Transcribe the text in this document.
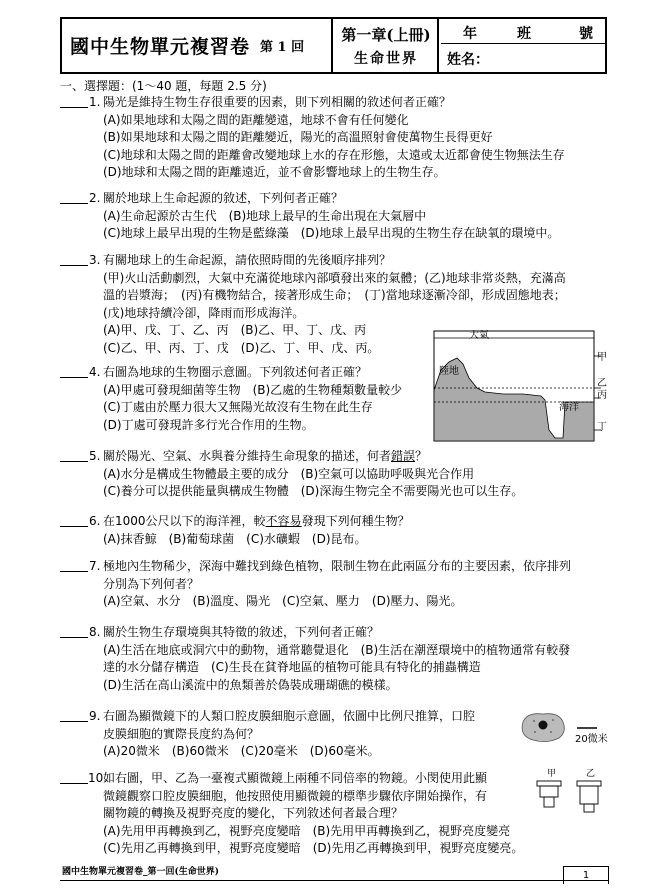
國中生物單元複習卷 第 1 回
第一章(上冊)
生命世界
年	班	號
姓名：
一、選擇題：(1～40 題，每題 2.5 分)
1. 陽光是維持生物生存很重要的因素，則下列相關的敘述何者正確？
(A)如果地球和太陽之間的距離變遠，地球不會有任何變化
(B)如果地球和太陽之間的距離變近，陽光的高溫照射會使萬物生長得更好
(C)地球和太陽之間的距離會改變地球上水的存在形態，太遠或太近都會使生物無法生存
(D)地球和太陽之間的距離遠近，並不會影響地球上的生物生存。
2. 關於地球上生命起源的敘述，下列何者正確？
(A)生命起源於古生代　(B)地球上最早的生命出現在大氣層中
(C)地球上最早出現的生物是藍綠藻　(D)地球上最早出現的生物生存在缺氧的環境中。
3. 有關地球上的生命起源，請依照時間的先後順序排列？
(甲)火山活動劇烈，大氣中充滿從地球內部噴發出來的氣體；(乙)地球非常炎熱，充滿高
溫的岩漿海；　(丙)有機物結合，接著形成生命；　(丁)當地球逐漸冷卻，形成固態地表；
(戊)地球持續冷卻，降雨而形成海洋。
(A)甲、戊、丁、乙、丙　(B)乙、甲、丁、戊、丙
(C)乙、甲、丙、丁、戊　(D)乙、丁、甲、戊、丙。
4. 右圖為地球的生物圈示意圖。下列敘述何者正確？
(A)甲處可發現細菌等生物　(B)乙處的生物種類數量較少
(C)丁處由於壓力很大又無陽光故沒有生物在此生存
(D)丁處可發現許多行光合作用的生物。
大氣
陸地
海洋
甲
乙
丙
丁
5. 關於陽光、空氣、水與養分維持生命現象的描述，何者錯誤？
(A)水分是構成生物體最主要的成分　(B)空氣可以協助呼吸與光合作用
(C)養分可以提供能量與構成生物體　(D)深海生物完全不需要陽光也可以生存。
6. 在1000公尺以下的海洋裡，較不容易發現下列何種生物？
(A)抹香鯨　(B)葡萄球菌　(C)水礦蝦　(D)昆布。
7. 極地內生物稀少，深海中難找到綠色植物，限制生物在此兩區分布的主要因素，依序排列
分別為下列何者？
(A)空氣、水分　(B)溫度、陽光　(C)空氣、壓力　(D)壓力、陽光。
8. 關於生物生存環境與其特徵的敘述，下列何者正確？
(A)生活在地底或洞穴中的動物，通常聽覺退化　(B)生活在潮溼環境中的植物通常有較發
達的水分儲存構造　(C)生長在貧脊地區的植物可能具有特化的捕蟲構造
(D)生活在高山溪流中的魚類善於偽裝成珊瑚礁的模樣。
9. 右圖為顯微鏡下的人類口腔皮膜細胞示意圖，依圖中比例尺推算，口腔
皮膜細胞的實際長度約為何？
(A)20微米　(B)60微米　(C)20毫米　(D)60毫米。
20微米
10.
如右圖，甲、乙為一臺複式顯微鏡上兩種不同倍率的物鏡。小閔使用此顯
微鏡觀察口腔皮膜細胞，他按照使用顯微鏡的標準步驟依序開始操作，有
關物鏡的轉換及視野亮度的變化，下列敘述何者最合理？
(A)先用甲再轉換到乙，視野亮度變暗　(B)先用甲再轉換到乙，視野亮度變亮
(C)先用乙再轉換到甲，視野亮度變暗　(D)先用乙再轉換到甲，視野亮度變亮。
甲	乙
國中生物單元複習卷_第一回(生命世界)	1
